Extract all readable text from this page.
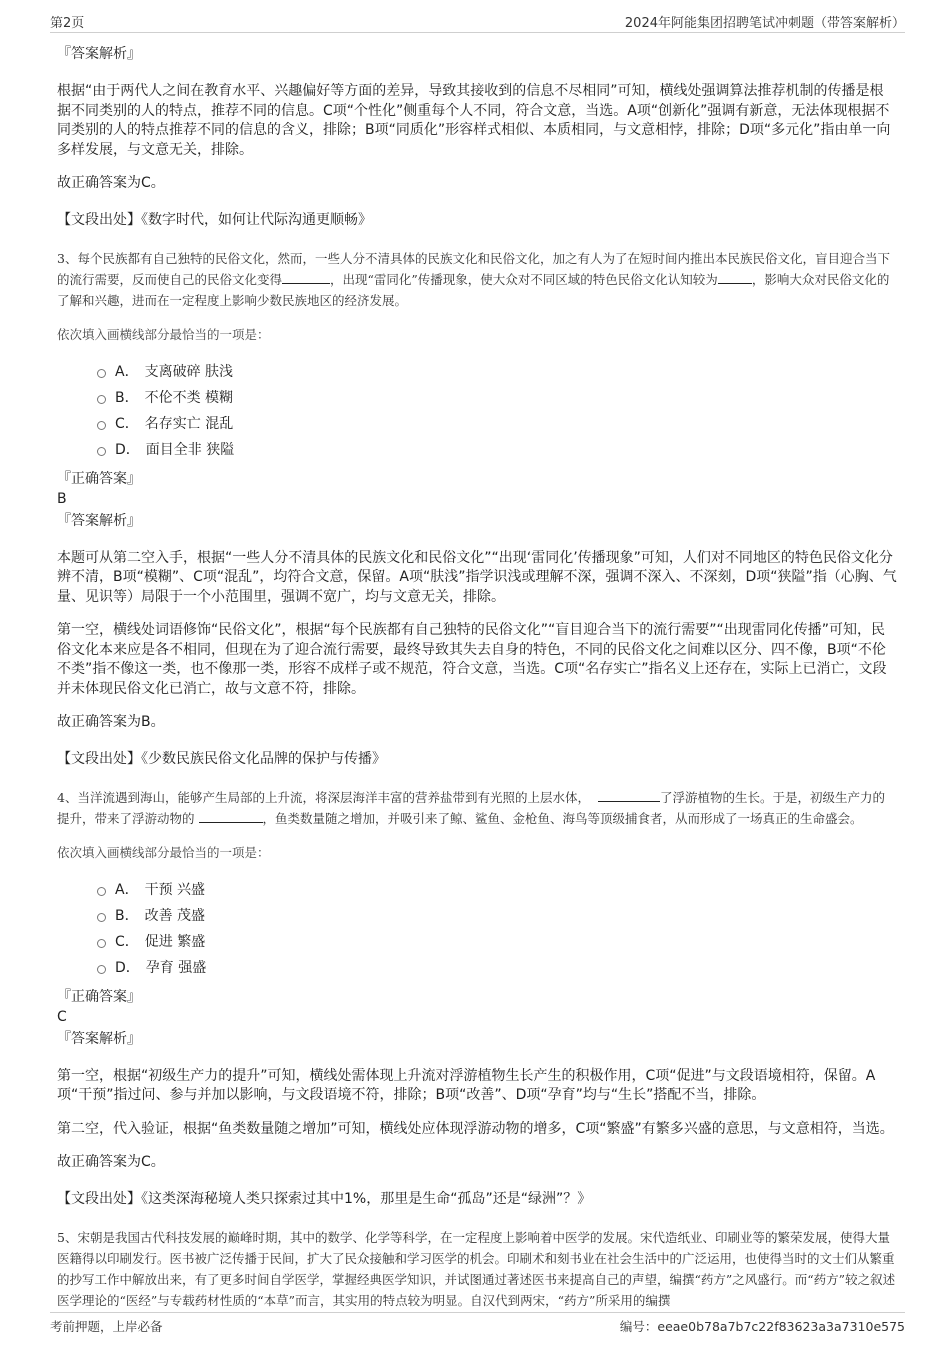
第2页	2024年阿能集团招聘笔试冲刺题（带答案解析）
『答案解析』

根据“由于两代人之间在教育水平、兴趣偏好等方面的差异，导致其接收到的信息不尽相同”可知，横线处强调算法推荐机制的传播是根据不同类别的人的特点，推荐不同的信息。C项“个性化”侧重每个人不同，符合文意，当选。A项“创新化”强调有新意，无法体现根据不同类别的人的特点推荐不同的信息的含义，排除；B项“同质化”形容样式相似、本质相同，与文意相悖，排除；D项“多元化”指由单一向多样发展，与文意无关，排除。

故正确答案为C。

【文段出处】《数字时代，如何让代际沟通更顺畅》
3、每个民族都有自己独特的民俗文化，然而，一些人分不清具体的民族文化和民俗文化，加之有人为了在短时间内推出本民族民俗文化，盲目迎合当下的流行需要，反而使自己的民俗文化变得	，出现“雷同化”传播现象，使大众对不同区域的特色民俗文化认知较为	，影响大众对民俗文化的了解和兴趣，进而在一定程度上影响少数民族地区的经济发展。
依次填入画横线部分最恰当的一项是：
A． 支离破碎 肤浅
B． 不伦不类 模糊
C． 名存实亡 混乱
D． 面目全非 狭隘
『正确答案』
B
『答案解析』

本题可从第二空入手，根据“一些人分不清具体的民族文化和民俗文化”“出现‘雷同化’传播现象”可知，人们对不同地区的特色民俗文化分辨不清，B项“模糊”、C项“混乱”，均符合文意，保留。A项“肤浅”指学识浅或理解不深，强调不深入、不深刻，D项“狭隘”指（心胸、气量、见识等）局限于一个小范围里，强调不宽广，均与文意无关，排除。

第一空，横线处词语修饰“民俗文化”，根据“每个民族都有自己独特的民俗文化”“盲目迎合当下的流行需要”“出现雷同化传播”可知，民俗文化本来应是各不相同，但现在为了迎合流行需要，最终导致其失去自身的特色，不同的民俗文化之间难以区分、四不像，B项“不伦不类”指不像这一类，也不像那一类，形容不成样子或不规范，符合文意，当选。C项“名存实亡”指名义上还存在，实际上已消亡，文段并未体现民俗文化已消亡，故与文意不符，排除。

故正确答案为B。

【文段出处】《少数民族民俗文化品牌的保护与传播》
4、当洋流遇到海山，能够产生局部的上升流，将深层海洋丰富的营养盐带到有光照的上层水体，	了浮游植物的生长。于是，初级生产力的提升，带来了浮游动物的	，鱼类数量随之增加，并吸引来了鲸、鲨鱼、金枪鱼、海鸟等顶级捕食者，从而形成了一场真正的生命盛会。
依次填入画横线部分最恰当的一项是：
A． 干预 兴盛
B． 改善 茂盛
C． 促进 繁盛
D． 孕育 强盛
『正确答案』
C
『答案解析』

第一空，根据“初级生产力的提升”可知，横线处需体现上升流对浮游植物生长产生的积极作用，C项“促进”与文段语境相符，保留。A项“干预”指过问、参与并加以影响，与文段语境不符，排除；B项“改善”、D项“孕育”均与“生长”搭配不当，排除。

第二空，代入验证，根据“鱼类数量随之增加”可知，横线处应体现浮游动物的增多，C项“繁盛”有繁多兴盛的意思，与文意相符，当选。

故正确答案为C。

【文段出处】《这类深海秘境人类只探索过其中1%，那里是生命“孤岛”还是“绿洲”？》
5、宋朝是我国古代科技发展的巅峰时期，其中的数学、化学等科学，在一定程度上影响着中医学的发展。宋代造纸业、印刷业等的繁荣发展，使得大量医籍得以印刷发行。医书被广泛传播于民间，扩大了民众接触和学习医学的机会。印刷术和刻书业在社会生活中的广泛运用，也使得当时的文士们从繁重的抄写工作中解放出来，有了更多时间自学医学，掌握经典医学知识，并试图通过著述医书来提高自己的声望，编撰“药方”之风盛行。而“药方”较之叙述医学理论的“医经”与专载药材性质的“本草”而言，其实用的特点较为明显。自汉代到两宋，“药方”所采用的编撰
考前押题，上岸必备	编号：eeae0b78a7b7c22f83623a3a7310e575
